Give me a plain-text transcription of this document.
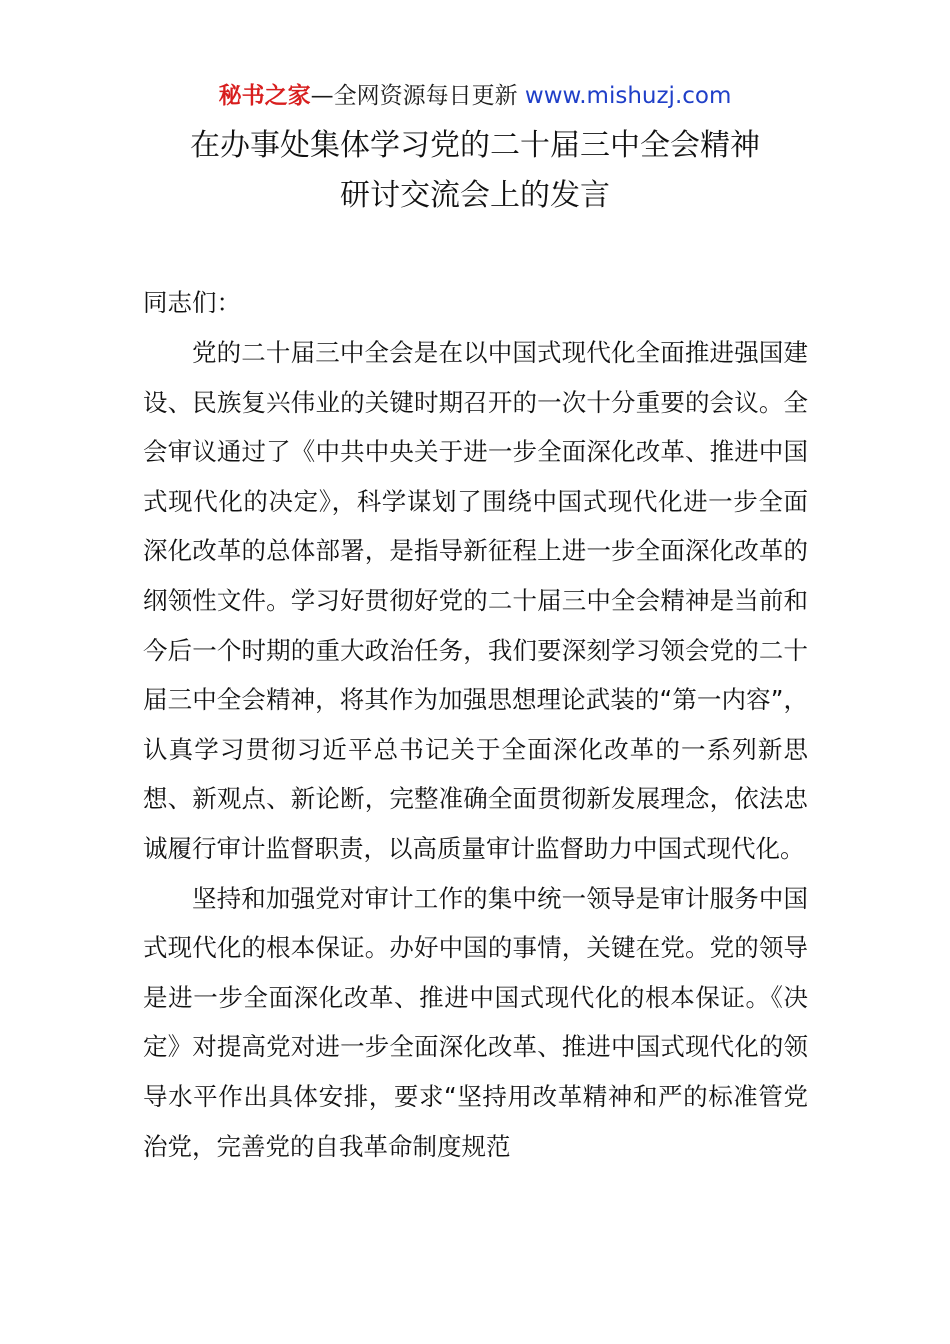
秘书之家—全网资源每日更新 www.mishuzj.com
在办事处集体学习党的二十届三中全会精神
研讨交流会上的发言
同志们：

党的二十届三中全会是在以中国式现代化全面推进强国建设、民族复兴伟业的关键时期召开的一次十分重要的会议。全会审议通过了《中共中央关于进一步全面深化改革、推进中国式现代化的决定》，科学谋划了围绕中国式现代化进一步全面深化改革的总体部署，是指导新征程上进一步全面深化改革的纲领性文件。学习好贯彻好党的二十届三中全会精神是当前和今后一个时期的重大政治任务，我们要深刻学习领会党的二十届三中全会精神，将其作为加强思想理论武装的“第一内容”，认真学习贯彻习近平总书记关于全面深化改革的一系列新思想、新观点、新论断，完整准确全面贯彻新发展理念，依法忠诚履行审计监督职责，以高质量审计监督助力中国式现代化。

坚持和加强党对审计工作的集中统一领导是审计服务中国式现代化的根本保证。办好中国的事情，关键在党。党的领导是进一步全面深化改革、推进中国式现代化的根本保证。《决定》对提高党对进一步全面深化改革、推进中国式现代化的领导水平作出具体安排，要求“坚持用改革精神和严的标准管党治党，完善党的自我革命制度规范
